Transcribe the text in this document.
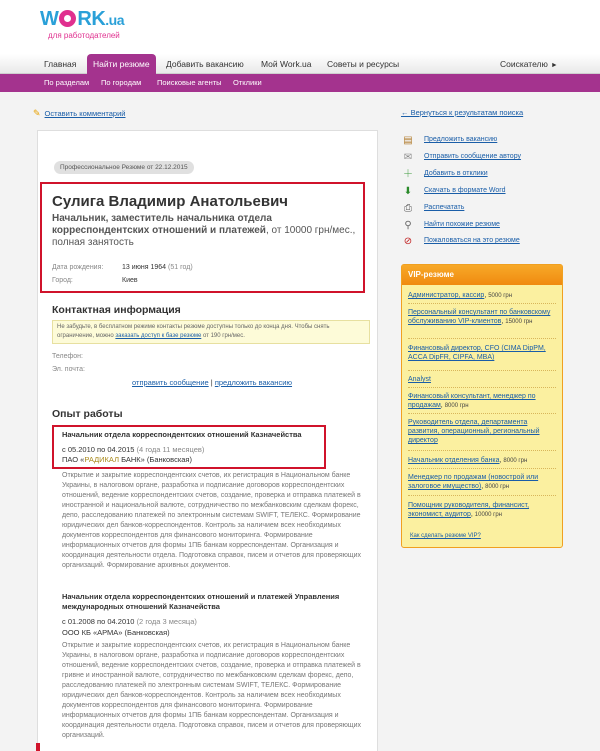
W RK.ua
для работодателей
Главная	Найти резюме	Добавить вакансию Мой Work.ua Советы и ресурсы	Соискателю ►
По разделам По городам Поисковые агенты Отклики
✎ Оставить комментарий	← Вернуться к результатам поиска
Профессиональное Резюме от 22.12.2015
Сулига Владимир Анатольевич
Начальник, заместитель начальника отдела корреспондентских отношений и платежей, от 10000 грн/мес., полная занятость
Дата рождения:	13 июня 1964 (51 год)
Город:	Киев
Контактная информация
Не забудьте, в бесплатном режиме контакты резюме доступны только до конца дня. Чтобы снять ограничение, можно заказать доступ к базе резюме от 190 грн/мес.
Телефон:
Эл. почта:
отправить сообщение | предложить вакансию
Опыт работы
Начальник отдела корреспондентских отношений Казначейства
с 05.2010 по 04.2015 (4 года 11 месяцев)
ПАО «РАДИКАЛ БАНК» (Банковская)
Открытие и закрытие корреспондентских счетов, их регистрация в Национальном банке Украины, в налоговом органе, разработка и подписание договоров корреспондентских отношений, ведение корреспондентских счетов, создание, проверка и отправка платежей в иностранной и национальной валюте, сотрудничество по межбанковским сделкам форекс, депо, расследованию платежей по электронным системам SWIFT, ТЕЛЕКС. Формирование юридических дел банков-корреспондентов. Контроль за наличием всех необходимых документов корреспондентов для финансового мониторинга. Формирование информационных отчетов для формы 1ПБ банкам корреспондентам. Организация и координация деятельности отдела. Подготовка справок, писем и отчетов для проверяющих организаций. Формирование архивных документов.
Начальник отдела корреспондентских отношений и платежей Управления международных отношений Казначейства
с 01.2008 по 04.2010 (2 года 3 месяца)
ООО КБ «АРМА» (Банковская)
Открытие и закрытие корреспондентских счетов, их регистрация в Национальном банке Украины, в налоговом органе, разработка и подписание договоров корреспондентских отношений, ведение корреспондентских счетов, создание, проверка и отправка платежей в гривне и иностранной валюте, сотрудничество по межбанковским сделкам форекс, депо, расследованию платежей по электронным системам SWIFT, ТЕЛЕКС. Формирование юридических дел банков-корреспондентов. Контроль за наличием всех необходимых документов корреспондентов для финансового мониторинга. Формирование информационных отчетов для формы 1ПБ банкам корреспондентам. Организация и координация деятельности отдела. Подготовка справок, писем и отчетов для проверяющих организаций.
▤ Предложить вакансию
✉ Отправить сообщение автору
＋ Добавить в отклики
⬇ Скачать в формате Word
⎙ Распечатать
⚲	Найти похожие резюме
⊘ Пожаловаться на это резюме
VIP-резюме
Администратор, кассир, 5000 грн
Персональный консультант по банковскому обслуживанию VIP-клиентов, 15000 грн
Финансовый директор, CFO (CIMA DipPM, ACCA DipFR, CIPFA, MBA)
Analyst
Финансовый консультант, менеджер по продажам, 8000 грн
Руководитель отдела, департамента развития, операционный, региональный директор
Начальник отделения банка, 8000 грн
Менеджер по продажам (новострой или залоговое имущество), 8000 грн
Помощник руководителя, финансист, экономист, аудитор, 10000 грн
Как сделать резюме VIP?
